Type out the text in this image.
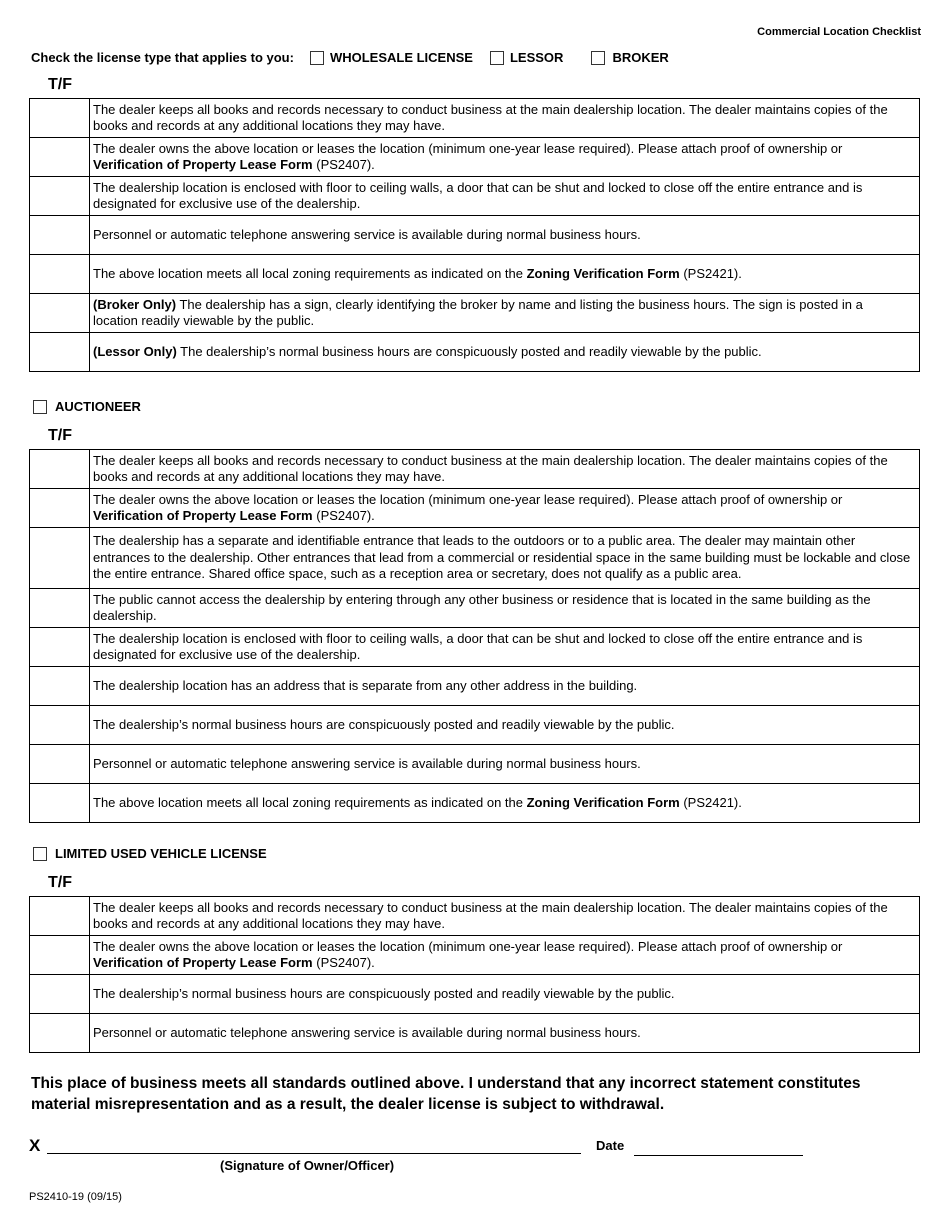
Commercial Location Checklist
Check the license type that applies to you:	WHOLESALE LICENSE	LESSOR	BROKER
T/F
	The dealer keeps all books and records necessary to conduct business at the main dealership location. The dealer maintains copies of the books and records at any additional locations they may have.
	The dealer owns the above location or leases the location (minimum one-year lease required). Please attach proof of ownership or Verification of Property Lease Form (PS2407).
	The dealership location is enclosed with floor to ceiling walls, a door that can be shut and locked to close off the entire entrance and is designated for exclusive use of the dealership.
	Personnel or automatic telephone answering service is available during normal business hours.
	The above location meets all local zoning requirements as indicated on the Zoning Verification Form (PS2421).
	(Broker Only) The dealership has a sign, clearly identifying the broker by name and listing the business hours. The sign is posted in a location readily viewable by the public.
	(Lessor Only) The dealership’s normal business hours are conspicuously posted and readily viewable by the public.
AUCTIONEER
T/F
	The dealer keeps all books and records necessary to conduct business at the main dealership location. The dealer maintains copies of the books and records at any additional locations they may have.
	The dealer owns the above location or leases the location (minimum one-year lease required). Please attach proof of ownership or Verification of Property Lease Form (PS2407).
	The dealership has a separate and identifiable entrance that leads to the outdoors or to a public area. The dealer may maintain other entrances to the dealership. Other entrances that lead from a commercial or residential space in the same building must be lockable and close the entire entrance. Shared office space, such as a reception area or secretary, does not qualify as a public area.
	The public cannot access the dealership by entering through any other business or residence that is located in the same building as the dealership.
	The dealership location is enclosed with floor to ceiling walls, a door that can be shut and locked to close off the entire entrance and is designated for exclusive use of the dealership.
	The dealership location has an address that is separate from any other address in the building.
	The dealership’s normal business hours are conspicuously posted and readily viewable by the public.
	Personnel or automatic telephone answering service is available during normal business hours.
	The above location meets all local zoning requirements as indicated on the Zoning Verification Form (PS2421).
LIMITED USED VEHICLE LICENSE
T/F
	The dealer keeps all books and records necessary to conduct business at the main dealership location. The dealer maintains copies of the books and records at any additional locations they may have.
	The dealer owns the above location or leases the location (minimum one-year lease required). Please attach proof of ownership or Verification of Property Lease Form (PS2407).
	The dealership’s normal business hours are conspicuously posted and readily viewable by the public.
	Personnel or automatic telephone answering service is available during normal business hours.
This place of business meets all standards outlined above. I understand that any incorrect statement constitutes material misrepresentation and as a result, the dealer license is subject to withdrawal.
X
(Signature of Owner/Officer)
Date
PS2410-19 (09/15)
